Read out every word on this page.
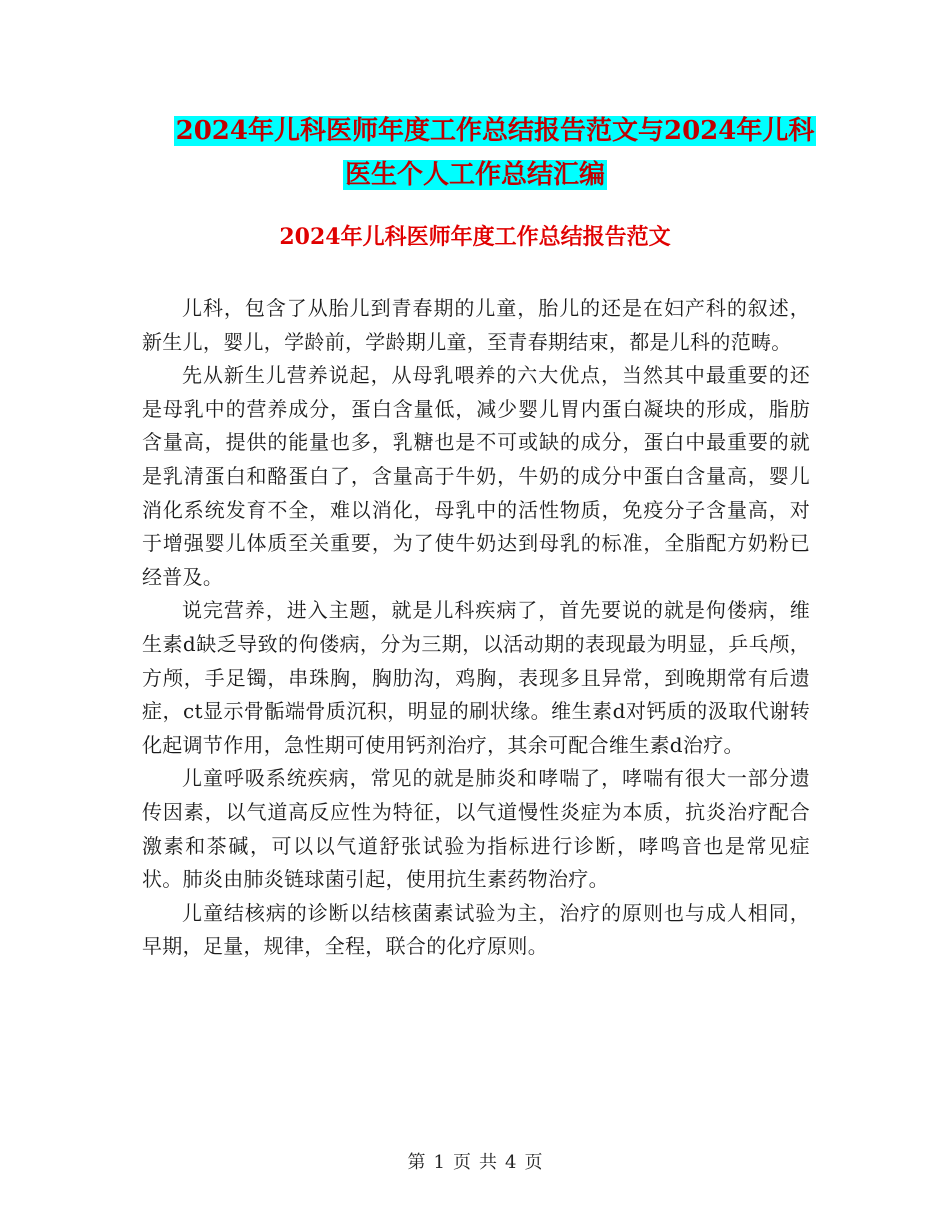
2024年儿科医师年度工作总结报告范文与2024年儿科
医生个人工作总结汇编
2024年儿科医师年度工作总结报告范文

儿科，包含了从胎儿到青春期的儿童，胎儿的还是在妇产科的叙述，新生儿，婴儿，学龄前，学龄期儿童，至青春期结束，都是儿科的范畴。

先从新生儿营养说起，从母乳喂养的六大优点，当然其中最重要的还是母乳中的营养成分，蛋白含量低，减少婴儿胃内蛋白凝块的形成，脂肪含量高，提供的能量也多，乳糖也是不可或缺的成分，蛋白中最重要的就是乳清蛋白和酪蛋白了，含量高于牛奶，牛奶的成分中蛋白含量高，婴儿消化系统发育不全，难以消化，母乳中的活性物质，免疫分子含量高，对于增强婴儿体质至关重要，为了使牛奶达到母乳的标准，全脂配方奶粉已经普及。

说完营养，进入主题，就是儿科疾病了，首先要说的就是佝偻病，维生素d缺乏导致的佝偻病，分为三期，以活动期的表现最为明显，乒乓颅，方颅，手足镯，串珠胸，胸肋沟，鸡胸，表现多且异常，到晚期常有后遗症，ct显示骨骺端骨质沉积，明显的刷状缘。维生素d对钙质的汲取代谢转化起调节作用，急性期可使用钙剂治疗，其余可配合维生素d治疗。

儿童呼吸系统疾病，常见的就是肺炎和哮喘了，哮喘有很大一部分遗传因素，以气道高反应性为特征，以气道慢性炎症为本质，抗炎治疗配合激素和茶碱，可以以气道舒张试验为指标进行诊断，哮鸣音也是常见症状。肺炎由肺炎链球菌引起，使用抗生素药物治疗。

儿童结核病的诊断以结核菌素试验为主，治疗的原则也与成人相同，早期，足量，规律，全程，联合的化疗原则。

第 1 页 共 4 页
